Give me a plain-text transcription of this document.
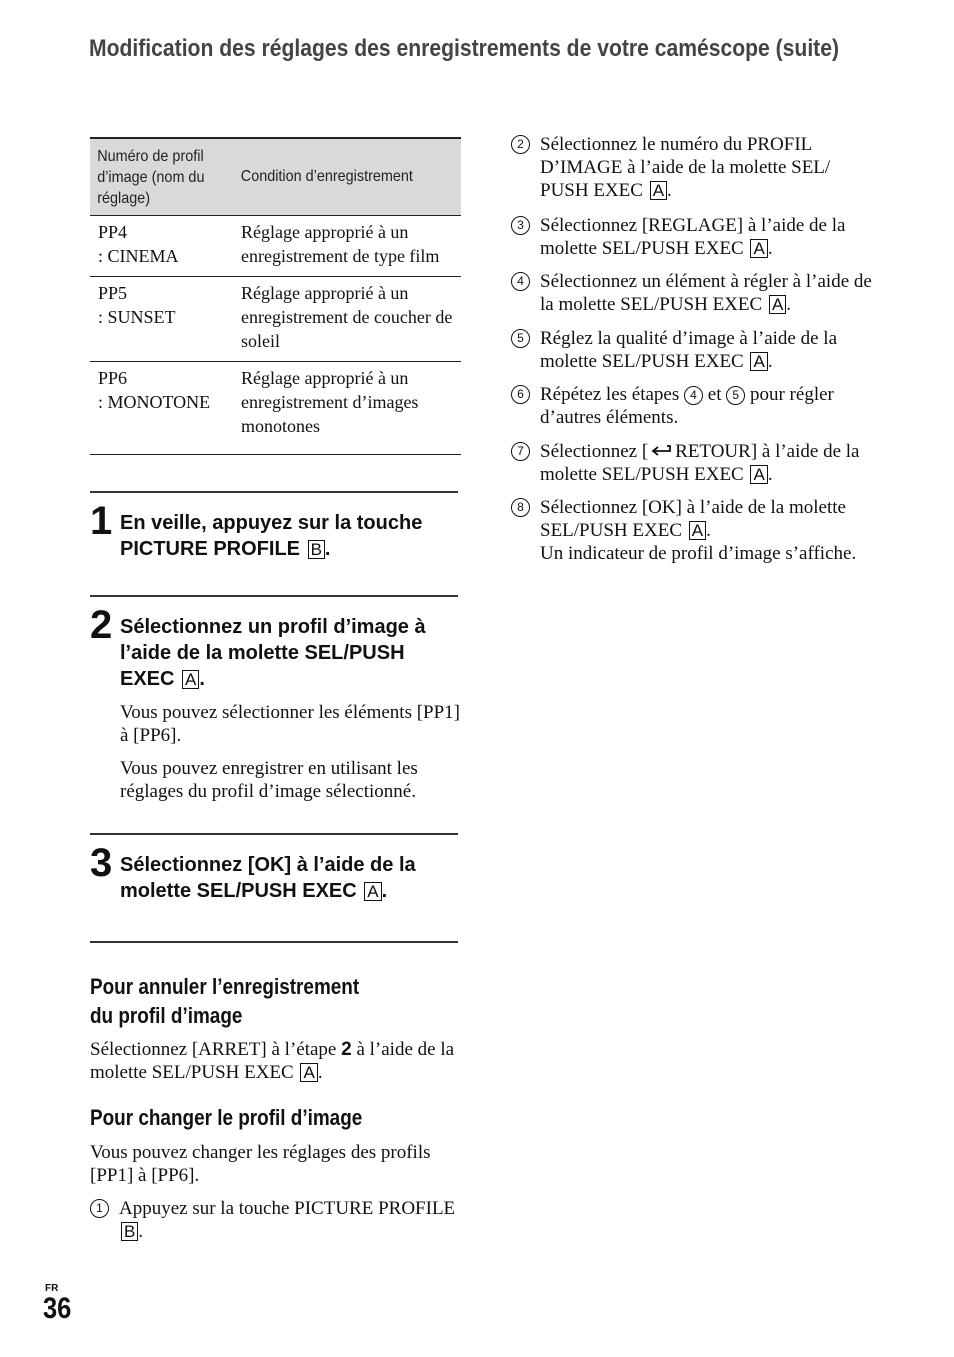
Modification des réglages des enregistrements de votre caméscope (suite)
Numéro de profil d’image (nom du réglage)
Condition d’enregistrement
PP4
: CINEMA
Réglage approprié à un enregistrement de type film
PP5
: SUNSET
Réglage approprié à un enregistrement de coucher de soleil
PP6
: MONOTONE
Réglage approprié à un enregistrement d’images monotones
1 En veille, appuyez sur la touche PICTURE PROFILE B .
2 Sélectionnez un profil d’image à l’aide de la molette SEL/PUSH EXEC A .
Vous pouvez sélectionner les éléments [PP1] à [PP6].
Vous pouvez enregistrer en utilisant les réglages du profil d’image sélectionné.
3 Sélectionnez [OK] à l’aide de la molette SEL/PUSH EXEC A .
Pour annuler l’enregistrement
du profil d’image
Sélectionnez [ARRET] à l’étape 2 à l’aide de la molette SEL/PUSH EXEC A .
Pour changer le profil d’image
Vous pouvez changer les réglages des profils [PP1] à [PP6].
1 Appuyez sur la touche PICTURE PROFILE B .
2 Sélectionnez le numéro du PROFIL D’IMAGE à l’aide de la molette SEL/ PUSH EXEC A .
3 Sélectionnez [REGLAGE] à l’aide de la molette SEL/PUSH EXEC A .
4 Sélectionnez un élément à régler à l’aide de la molette SEL/PUSH EXEC A .
5 Réglez la qualité d’image à l’aide de la molette SEL/PUSH EXEC A .
6 Répétez les étapes 4 et 5 pour régler d’autres éléments.
7 Sélectionnez [ RETOUR] à l’aide de la molette SEL/PUSH EXEC A .
8 Sélectionnez [OK] à l’aide de la molette SEL/PUSH EXEC A .
Un indicateur de profil d’image s’affiche.
FR
36
